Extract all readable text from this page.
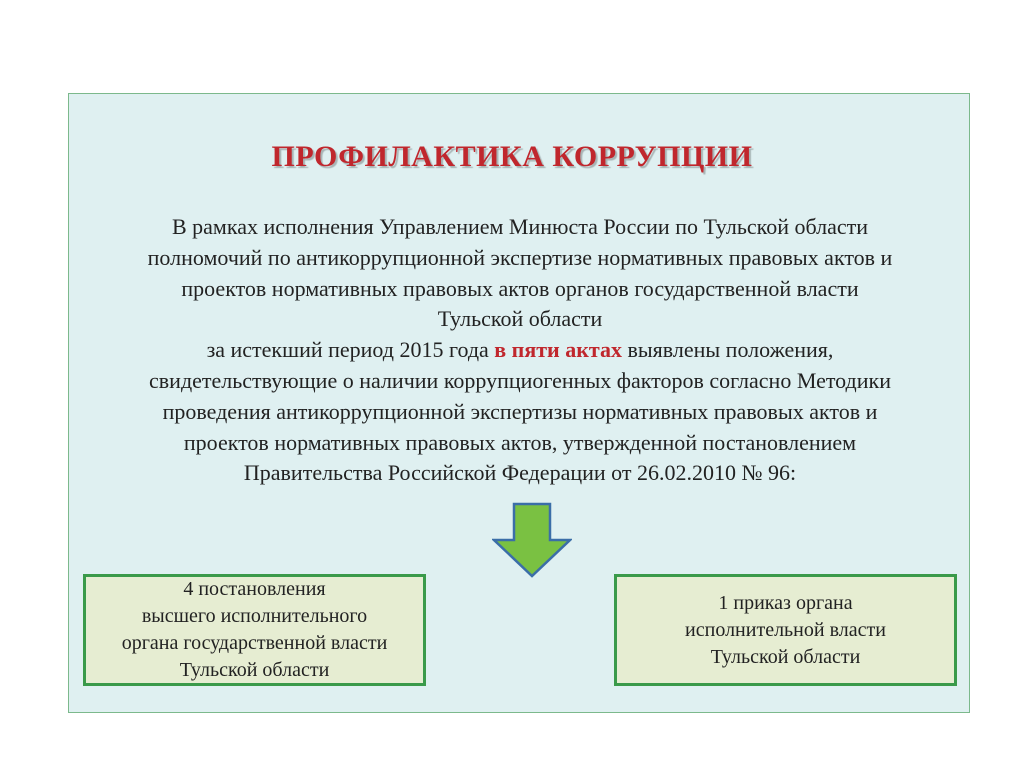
ПРОФИЛАКТИКА КОРРУПЦИИ
В рамках исполнения Управлением Минюста России по Тульской области
полномочий по антикоррупционной экспертизе нормативных правовых актов и
проектов нормативных правовых актов органов государственной власти
Тульской области
за истекший период 2015 года в пяти актах выявлены положения,
свидетельствующие о наличии коррупциогенных факторов согласно Методики
проведения антикоррупционной экспертизы нормативных правовых актов и
проектов нормативных правовых актов, утвержденной постановлением
Правительства Российской Федерации от 26.02.2010 № 96:
4 постановления
высшего исполнительного
органа государственной власти
Тульской области
1 приказ органа
исполнительной власти
Тульской области
